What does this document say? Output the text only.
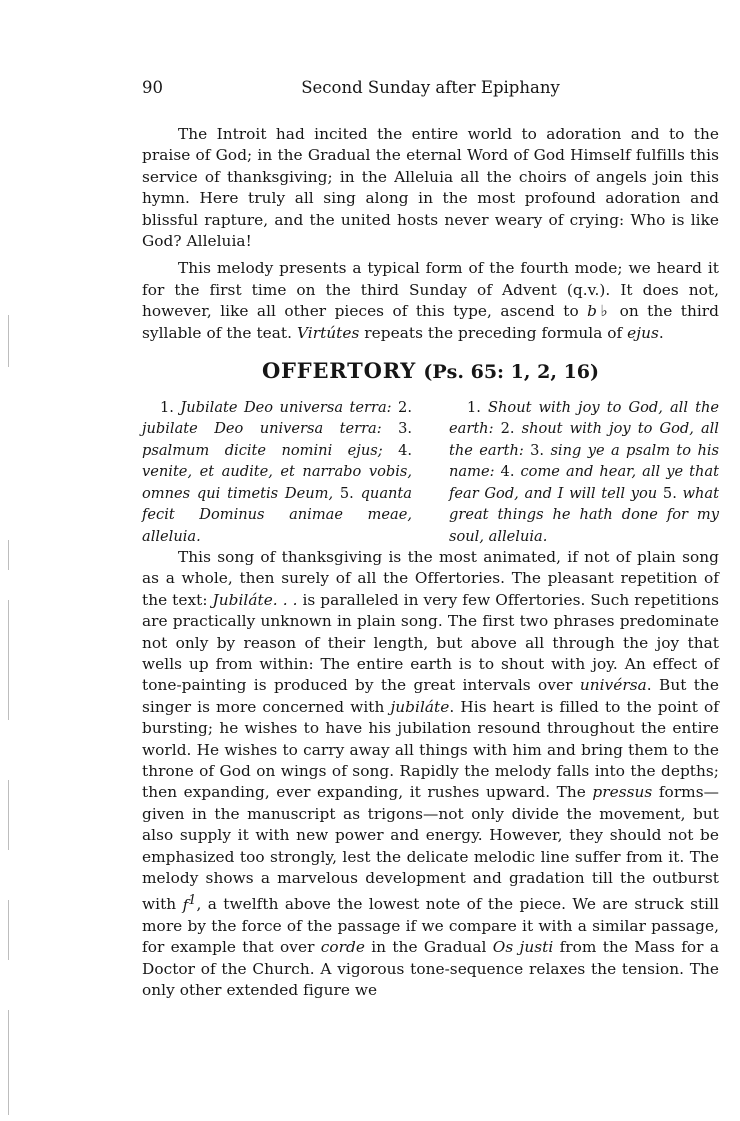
90	Second Sunday after Epiphany

The Introit had incited the entire world to adoration and to the praise of God; in the Gradual the eternal Word of God Himself fulfills this service of thanksgiving; in the Alleluia all the choirs of angels join this hymn. Here truly all sing along in the most profound adoration and blissful rapture, and the united hosts never weary of crying: Who is like God? Alleluia!

This melody presents a typical form of the fourth mode; we heard it for the first time on the third Sunday of Advent (q.v.). It does not, however, like all other pieces of this type, ascend to b♭ on the third syllable of the teat. Virtútes repeats the preceding formula of ejus.

OFFERTORY (Ps. 65: 1, 2, 16)
1. Jubilate Deo universa terra: 2. jubilate Deo universa terra: 3. psalmum dicite nomini ejus; 4. venite, et audite, et narrabo vobis, omnes qui timetis Deum, 5. quanta fecit Dominus animae meae, alleluia.
1. Shout with joy to God, all the earth: 2. shout with joy to God, all the earth: 3. sing ye a psalm to his name: 4. come and hear, all ye that fear God, and I will tell you 5. what great things he hath done for my soul, alleluia.

This song of thanksgiving is the most animated, if not of plain song as a whole, then surely of all the Offertories. The pleasant repetition of the text: Jubiláte. . . is paralleled in very few Offertories. Such repetitions are practically unknown in plain song. The first two phrases predominate not only by reason of their length, but above all through the joy that wells up from within: The entire earth is to shout with joy. An effect of tone-painting is produced by the great intervals over univérsa. But the singer is more concerned with jubiláte. His heart is filled to the point of bursting; he wishes to have his jubilation resound throughout the entire world. He wishes to carry away all things with him and bring them to the throne of God on wings of song. Rapidly the melody falls into the depths; then expanding, ever expanding, it rushes upward. The pressus forms—given in the manuscript as trigons—not only divide the movement, but also supply it with new power and energy. However, they should not be emphasized too strongly, lest the delicate melodic line suffer from it. The melody shows a marvelous development and gradation till the outburst with $f^1$, a twelfth above the lowest note of the piece. We are struck still more by the force of the passage if we compare it with a similar passage, for example that over corde in the Gradual Os justi from the Mass for a Doctor of the Church. A vigorous tone-sequence relaxes the tension. The only other extended figure we
